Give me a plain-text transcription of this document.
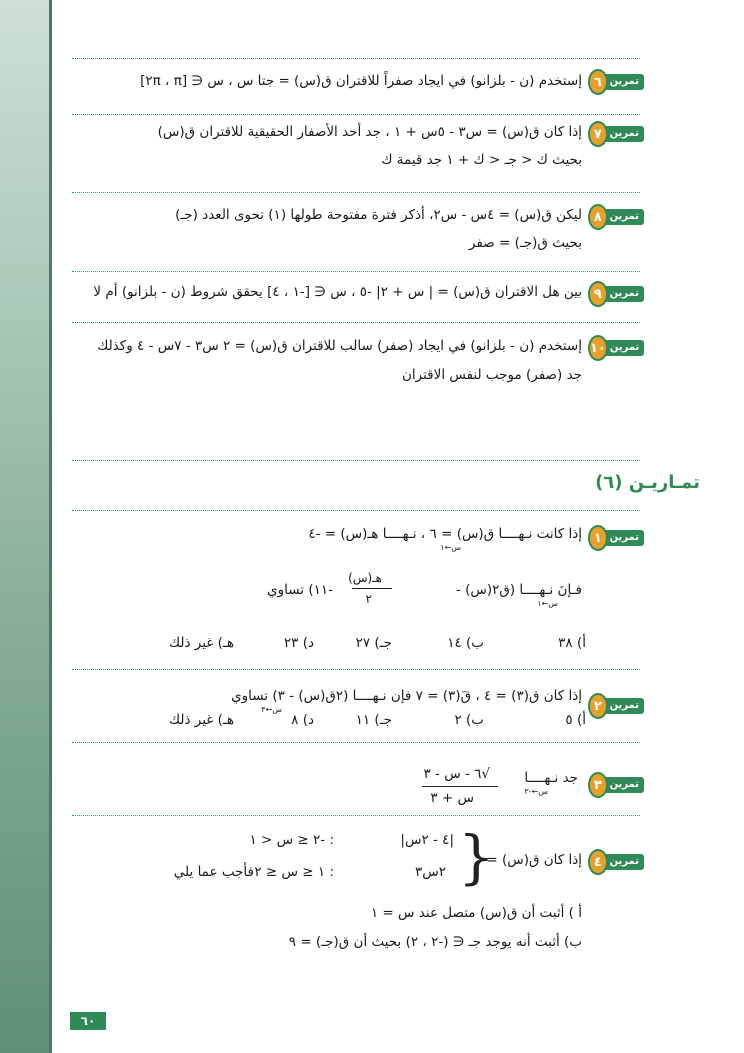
٦ تمرين
إستخدم (ن - بلزانو) في ايجاد صفراً للاقتران ق(س) = جتا س ، س ∈ [π ، ٢π]
٧ تمرين
إذا كان ق(س) = س٣ - ٥س + ١ ، جد أحد الأصفار الحقيقية للاقتران ق(س)
بحيث ك < جـ < ك + ١ جد قيمة ك
٨ تمرين
ليكن ق(س) = ٤س - س٢، أذكر فترة مفتوحة طولها (١) تحوى العدد (جـ)
بحيث ق(جـ) = صفر
٩ تمرين
بين هل الاقتران ق(س) = | س + ٢| -٥ ، س ∈ [-١ ، ٤] يحقق شروط (ن - بلزانو) أم لا
١٠ تمرين
إستخدم (ن - بلزانو) في ايجاد (صفر) سالب للاقتران ق(س) = ٢ س٣ - ٧س - ٤ وكذلك
جد (صفر) موجب لنفس الاقتران
تمـاريـن (٦)
١ تمرين
إذا كانت نـهــــا ق(س) = ٦ ، نـهــــا هـ(س) = -٤
س←١
فـإنَ نـهــــا (ق٢(س) -
س←١
هـ(س)
٢
-١١) تساوي
أ) ٣٨
ب) ١٤
جـ) ٢٧
د) ٢٣
هـ) غير ذلك
٢ تمرين
إذا كان ق(٣) = ٤ ، قَ(٣) = ٧ فإن نـهــــا (٢ق(س) - ٣) تساوي
س←٣
أ) ٥
ب) ٢
جـ) ١١
د) ٨
هـ) غير ذلك
٣ تمرين
جد نـهــــا
س←-٣
√٦ - س - ٣
س + ٣
٤ تمرين
إذا كان ق(س) =
}
|٤ - ٢س|
: -٢ ≤ س < ١
٢س٣
: ١ ≤ س ≤ ٢
فأجب عما يلي
أ ) أثبت أن ق(س) متصل عند س = ١
ب) أثبت أنه يوجد جـ ∈ (-٢ ، ٢) بحيث أن ق(جـ) = ٩
٦٠
